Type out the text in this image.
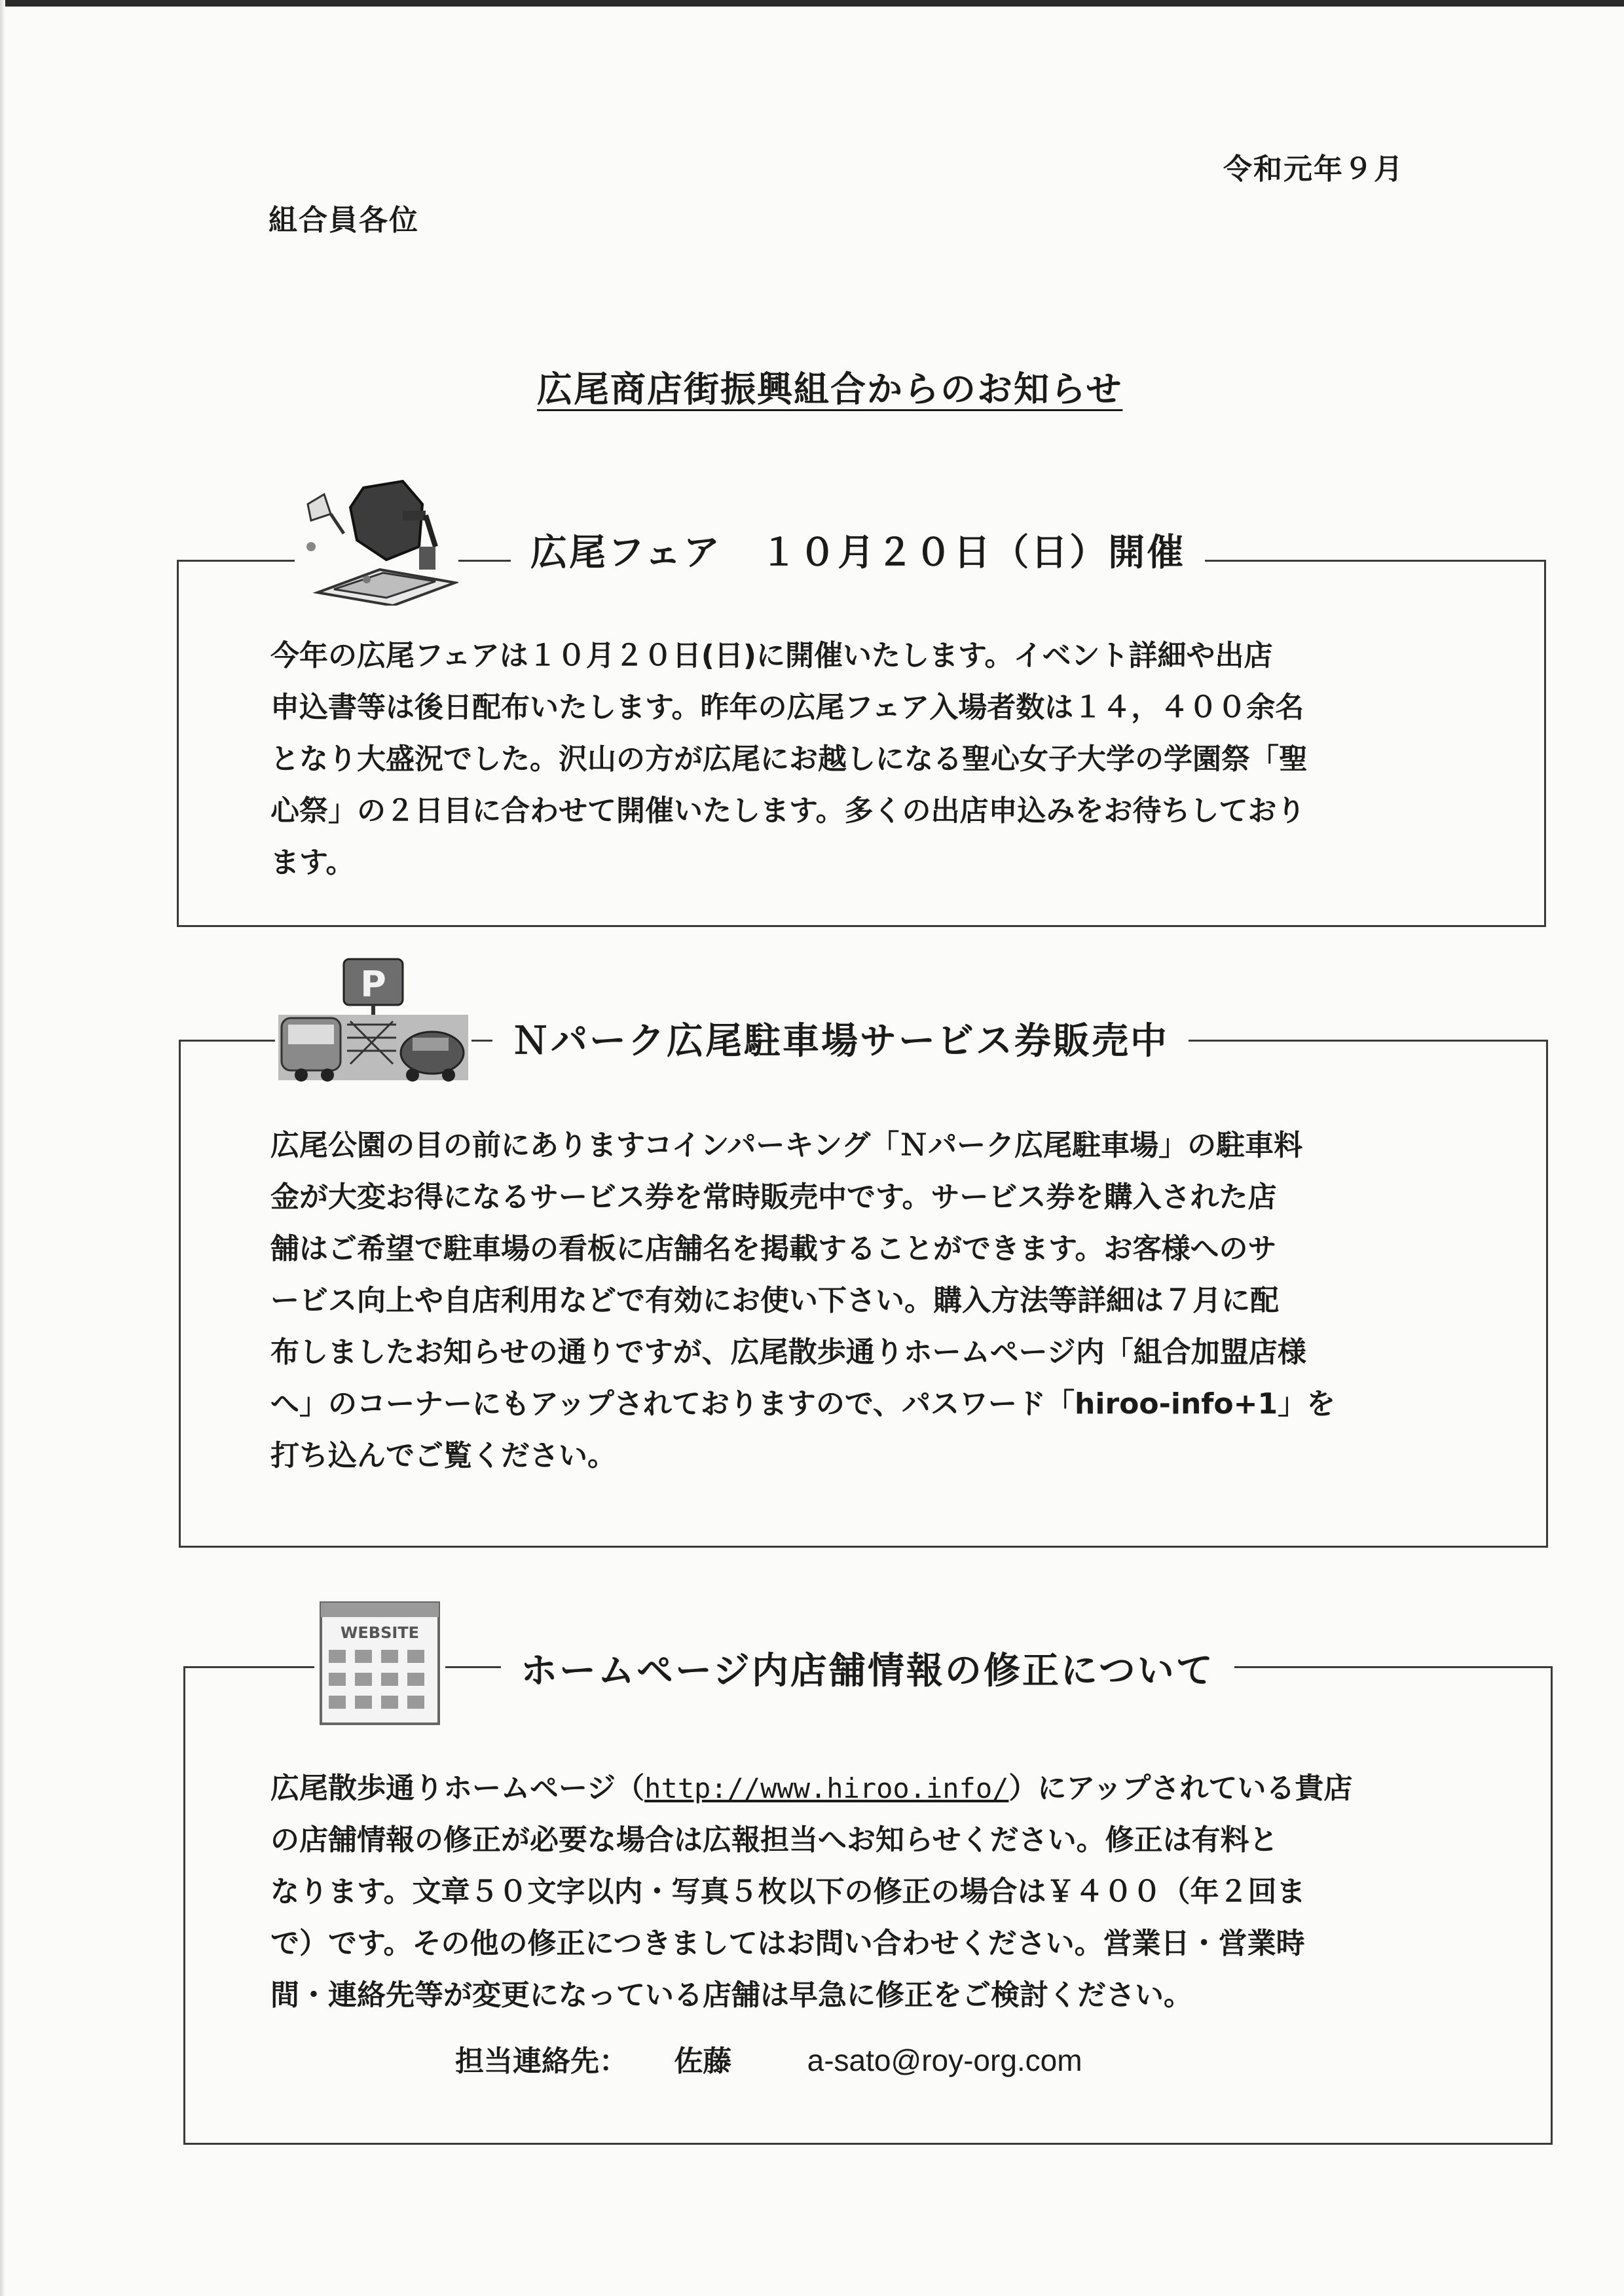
令和元年９月
組合員各位
広尾商店街振興組合からのお知らせ
広尾フェア　１０月２０日（日）開催

今年の広尾フェアは１０月２０日(日)に開催いたします。イベント詳細や出店

申込書等は後日配布いたします。昨年の広尾フェア入場者数は１４，４００余名

となり大盛況でした。沢山の方が広尾にお越しになる聖心女子大学の学園祭「聖

心祭」の２日目に合わせて開催いたします。多くの出店申込みをお待ちしており

ます。

P
Ｎパーク広尾駐車場サービス券販売中

広尾公園の目の前にありますコインパーキング「Ｎパーク広尾駐車場」の駐車料

金が大変お得になるサービス券を常時販売中です。サービス券を購入された店

舗はご希望で駐車場の看板に店舗名を掲載することができます。お客様へのサ

ービス向上や自店利用などで有効にお使い下さい。購入方法等詳細は７月に配

布しましたお知らせの通りですが、広尾散歩通りホームページ内「組合加盟店様

へ」のコーナーにもアップされておりますので、パスワード「hiroo-info+1」を

打ち込んでご覧ください。

WEBSITE
ホームページ内店舗情報の修正について

広尾散歩通りホームページ（http://www.hiroo.info/）にアップされている貴店

の店舗情報の修正が必要な場合は広報担当へお知らせください。修正は有料と

なります。文章５０文字以内・写真５枚以下の修正の場合は￥４００（年２回ま

で）です。その他の修正につきましてはお問い合わせください。営業日・営業時

間・連絡先等が変更になっている店舗は早急に修正をご検討ください。

担当連絡先： 佐藤	a-sato@roy-org.com
